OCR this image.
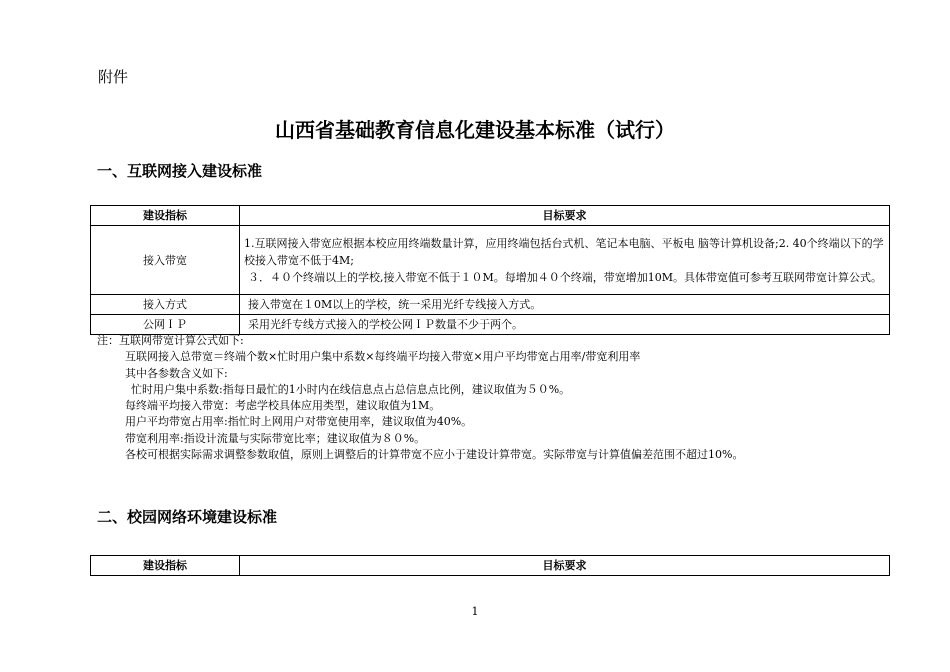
附件
山西省基础教育信息化建设基本标准（试行）
一、互联网接入建设标准
建设指标	目标要求
接入带宽	1.互联网接入带宽应根据本校应用终端数量计算，应用终端包括台式机、笔记本电脑、平板电 脑等计算机设备;2. 40个终端以下的学校接入带宽不低于4M;
３．４０个终端以上的学校,接入带宽不低于１０M。每增加４０个终端，带宽增加10M。具体带宽值可参考互联网带宽计算公式。

接入方式	接入带宽在１0M以上的学校，统一采用光纤专线接入方式。

公网ＩＰ	采用光纤专线方式接入的学校公网ＩＰ数量不少于两个。
注：互联网带宽计算公式如下:
互联网接入总带宽＝终端个数×忙时用户集中系数×每终端平均接入带宽×用户平均带宽占用率/带宽利用率
其中各参数含义如下:
忙时用户集中系数:指每日最忙的1小时内在线信息点占总信息点比例，建议取值为５０%。
每终端平均接入带宽：考虑学校具体应用类型，建议取值为1M。
用户平均带宽占用率:指忙时上网用户对带宽使用率，建议取值为40%。
带宽利用率:指设计流量与实际带宽比率；建议取值为８０%。
各校可根据实际需求调整参数取值，原则上调整后的计算带宽不应小于建设计算带宽。实际带宽与计算值偏差范围不超过10%。
二、校园网络环境建设标准
建设指标	目标要求
1
